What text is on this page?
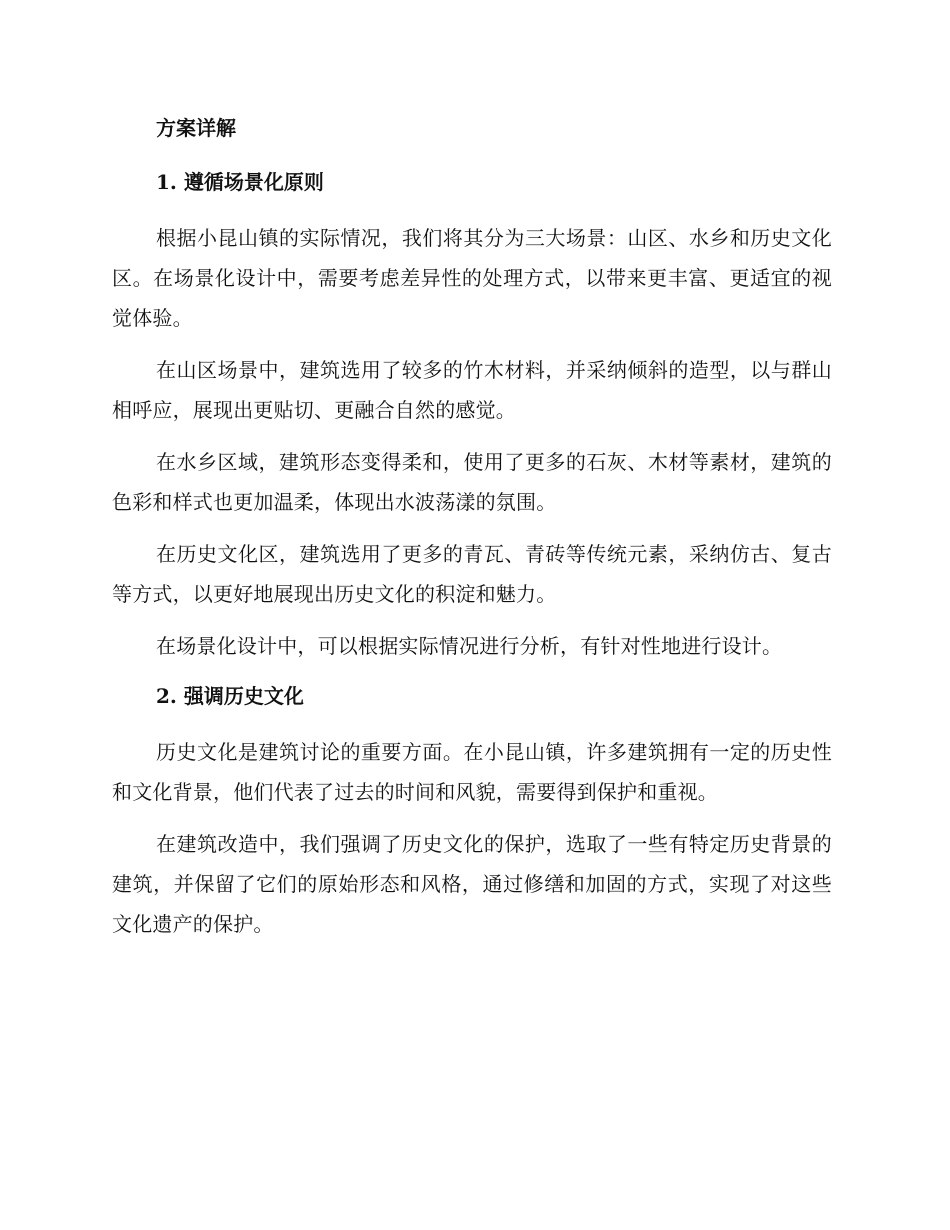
方案详解
1. 遵循场景化原则

根据小昆山镇的实际情况，我们将其分为三大场景：山区、水乡和历史文化区。在场景化设计中，需要考虑差异性的处理方式，以带来更丰富、更适宜的视觉体验。

在山区场景中，建筑选用了较多的竹木材料，并采纳倾斜的造型，以与群山相呼应，展现出更贴切、更融合自然的感觉。

在水乡区域，建筑形态变得柔和，使用了更多的石灰、木材等素材，建筑的色彩和样式也更加温柔，体现出水波荡漾的氛围。

在历史文化区，建筑选用了更多的青瓦、青砖等传统元素，采纳仿古、复古等方式，以更好地展现出历史文化的积淀和魅力。

在场景化设计中，可以根据实际情况进行分析，有针对性地进行设计。

2. 强调历史文化

历史文化是建筑讨论的重要方面。在小昆山镇，许多建筑拥有一定的历史性和文化背景，他们代表了过去的时间和风貌，需要得到保护和重视。

在建筑改造中，我们强调了历史文化的保护，选取了一些有特定历史背景的建筑，并保留了它们的原始形态和风格，通过修缮和加固的方式，实现了对这些文化遗产的保护。
